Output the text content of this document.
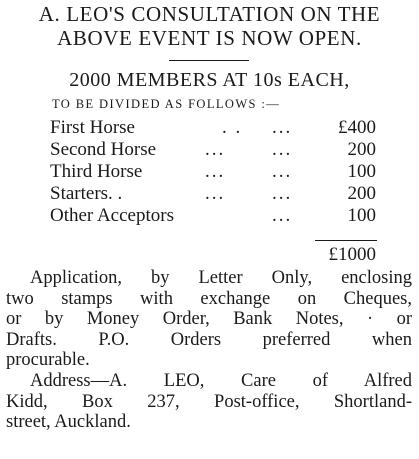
A. LEO'S CONSULTATION ON THE
ABOVE EVENT IS NOW OPEN.
2000 MEMBERS AT 10s EACH,
TO BE DIVIDED AS FOLLOWS :—
First Horse	. . ... £400
Second Horse	... ...	200
Third Horse	... ...	100
Starters. .	... ...	200
Other Acceptors	...	100
£1000
Application, by Letter Only, enclosing
two stamps with exchange on Cheques,
or by Money Order, Bank Notes, · or
Drafts. P.O. Orders preferred when
procurable.
Address—A. LEO, Care of Alfred
Kidd, Box 237, Post-office, Shortland-
street, Auckland.
